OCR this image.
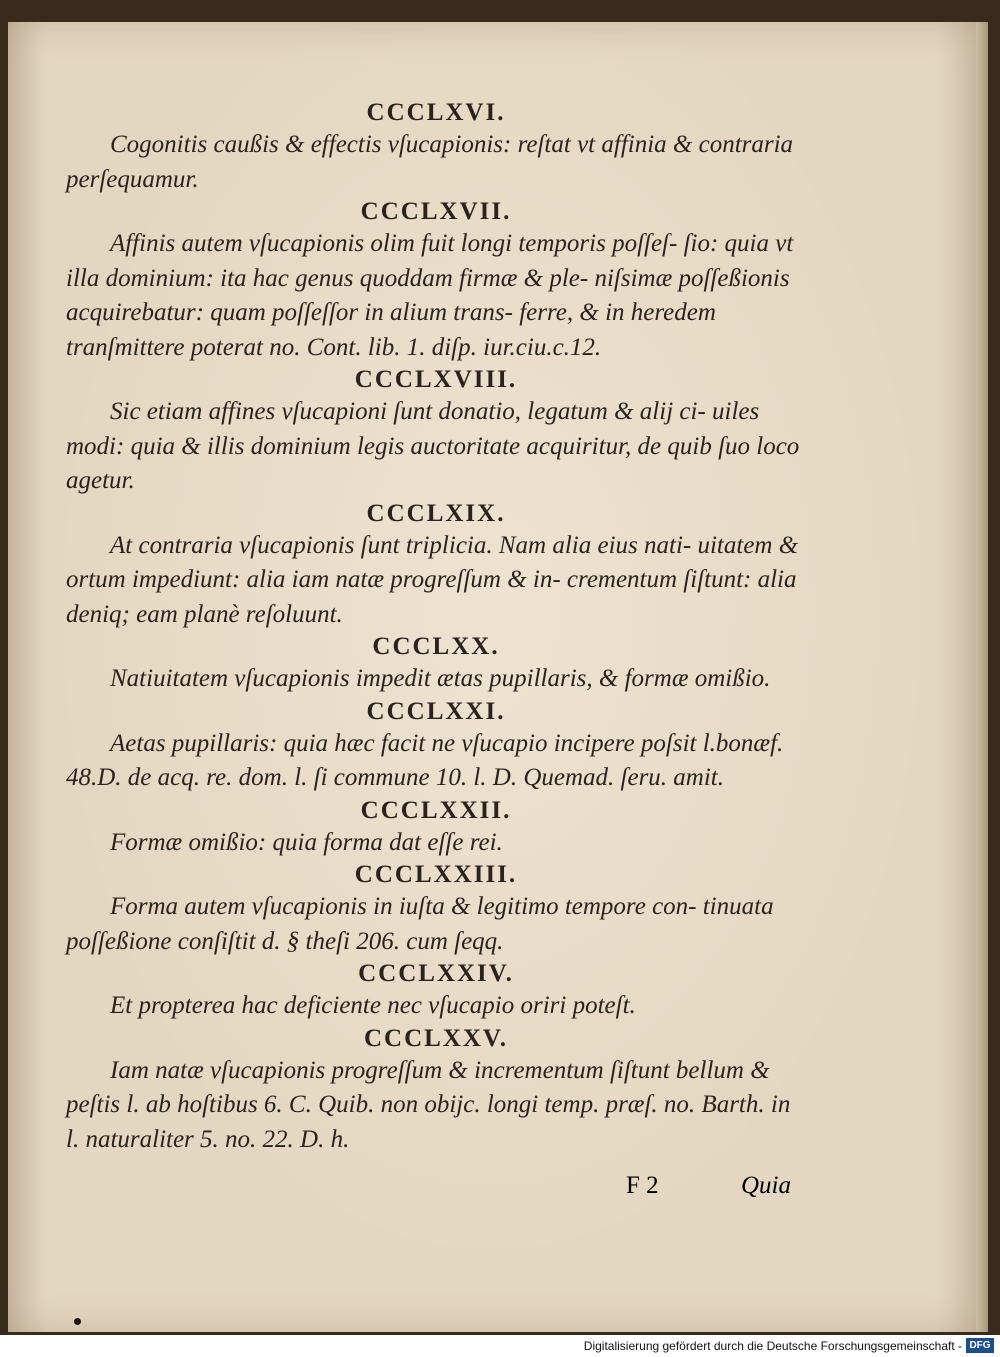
CCCLXVI.

Cogonitis caußis & effectis vſucapionis: reſtat vt affinia & contraria perſequamur.

CCCLXVII.

Affinis autem vſucapionis olim fuit longi temporis poſſeſ- ſio: quia vt illa dominium: ita hac genus quoddam firmæ & ple- niſsimæ poſſeßionis acquirebatur: quam poſſeſſor in alium trans- ferre, & in heredem tranſmittere poterat no. Cont. lib. 1. diſp. iur.ciu.c.12.

CCCLXVIII.

Sic etiam affines vſucapioni ſunt donatio, legatum & alij ci- uiles modi: quia & illis dominium legis auctoritate acquiritur, de quib ſuo loco agetur.

CCCLXIX.

At contraria vſucapionis ſunt triplicia. Nam alia eius nati- uitatem & ortum impediunt: alia iam natæ progreſſum & in- crementum ſiſtunt: alia deniq; eam planè reſoluunt.

CCCLXX.

Natiuitatem vſucapionis impedit ætas pupillaris, & formæ omißio.

CCCLXXI.

Aetas pupillaris: quia hæc facit ne vſucapio incipere poſsit l.bonæf. 48.D. de acq. re. dom. l. ſi commune 10. l. D. Quemad. ſeru. amit.

CCCLXXII.

Formæ omißio: quia forma dat eſſe rei.

CCCLXXIII.

Forma autem vſucapionis in iuſta & legitimo tempore con- tinuata poſſeßione conſiſtit d. § theſi 206. cum ſeqq.

CCCLXXIV.

Et propterea hac deficiente nec vſucapio oriri poteſt.

CCCLXXV.

Iam natæ vſucapionis progreſſum & incrementum ſiſtunt bellum & peſtis l. ab hoſtibus 6. C. Quib. non obijc. longi temp. præſ. no. Barth. in l. naturaliter 5. no. 22. D. h.

F 2	Quia
Digitalisierung gefördert durch die Deutsche Forschungsgemeinschaft - DFG
